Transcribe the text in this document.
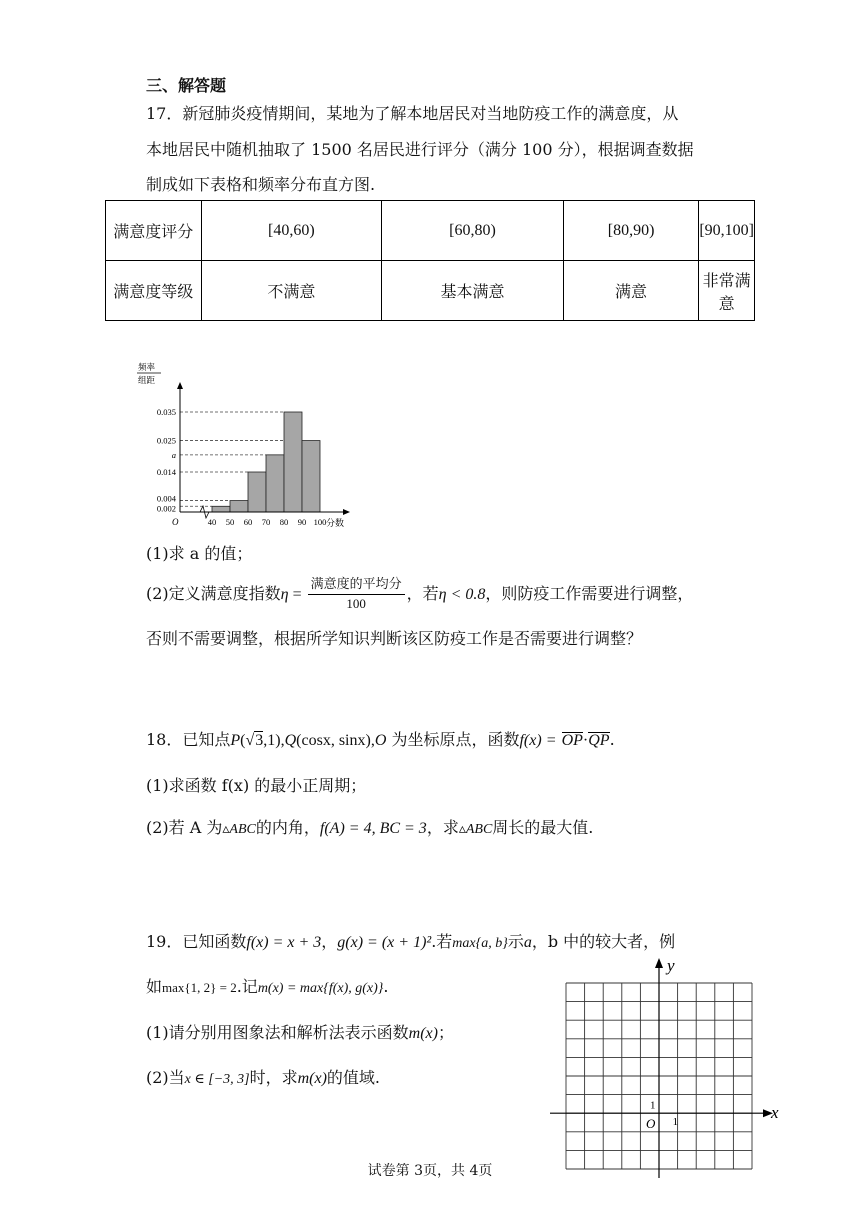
三、解答题
17．新冠肺炎疫情期间，某地为了解本地居民对当地防疫工作的满意度，从
本地居民中随机抽取了 1500 名居民进行评分（满分 100 分），根据调查数据
制成如下表格和频率分布直方图.
满意度评分	[40,60)	[60,80)	[80,90)	[90,100]
满意度等级	不满意	基本满意	满意	非常满意
0.035
0.025
a
0.014
0.004
0.002
40 50 60 70 80 90 100
O	分数
频率
组距
(1)求 a 的值；
(2)定义满意度指数$\eta = \frac{\text{满意度的平均分}}{100}$ ，若η < 0.8，则防疫工作需要进行调整，
否则不需要调整，根据所学知识判断该区防疫工作是否需要进行调整？
18．已知点P(√3,1),Q(cosx, sinx),O 为坐标原点，函数f(x) = OP·QP.
(1)求函数 f(x) 的最小正周期；
(2)若 A 为▵ABC的内角，f(A) = 4, BC = 3，求▵ABC周长的最大值.
19．已知函数f(x) = x + 3，g(x) = (x + 1)².若max{a, b}示a，b 中的较大者，例
如max{1, 2} = 2.记m(x) = max{f(x), g(x)}.
(1)请分别用图象法和解析法表示函数m(x)；
(2)当x ∈ [−3, 3]时，求m(x)的值域.
x
y
O 1
1
试卷第 3页，共 4页
